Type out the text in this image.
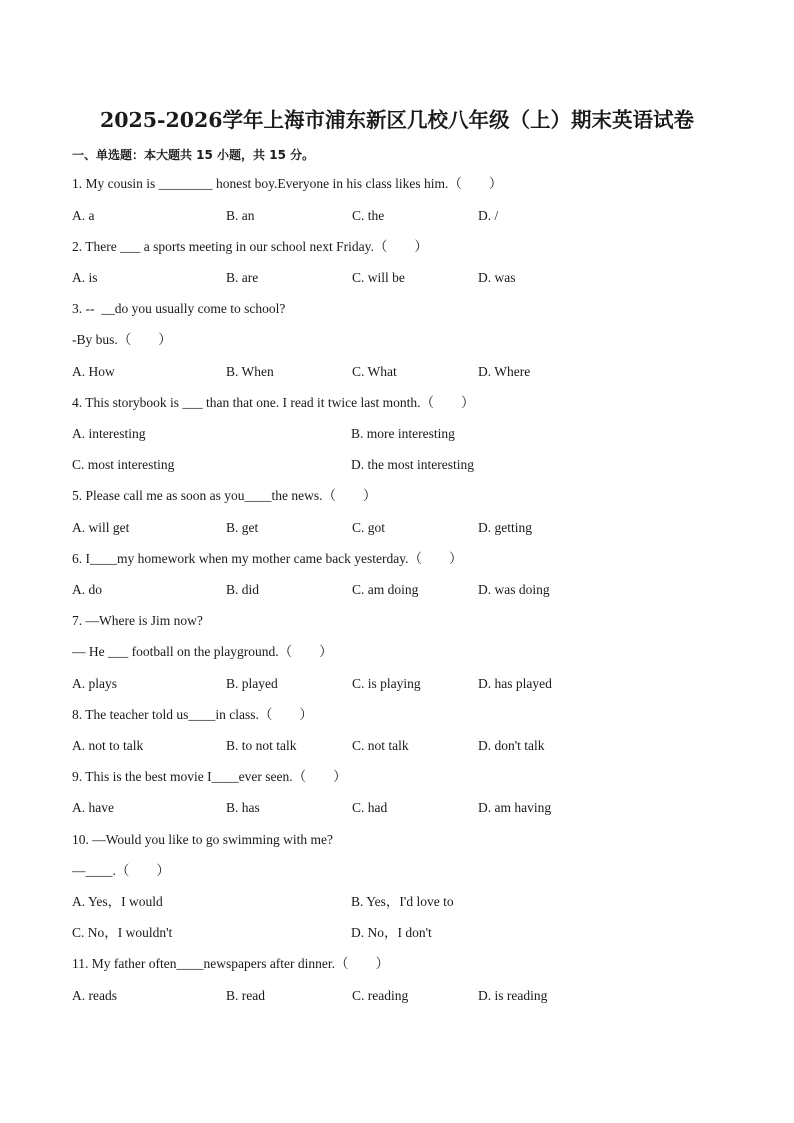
2025-2026学年上海市浦东新区几校八年级（上）期末英语试卷
一、单选题：本大题共 15 小题，共 15 分。
1. My cousin is ________ honest boy.Everyone in his class likes him.（        ）
A. a	B. an	C. the	D. /
2. There ___ a sports meeting in our school next Friday.（        ）
A. is	B. are	C. will be	D. was
3. --  __do you usually come to school?
-By bus.（        ）
A. How	B. When	C. What	D. Where
4. This storybook is ___ than that one. I read it twice last month.（        ）
A. interesting	B. more interesting
C. most interesting	D. the most interesting
5. Please call me as soon as you____the news.（        ）
A. will get	B. get	C. got	D. getting
6. I____my homework when my mother came back yesterday.（        ）
A. do	B. did	C. am doing	D. was doing
7. —Where is Jim now?
— He ___ football on the playground.（        ）
A. plays	B. played	C. is playing	D. has played
8. The teacher told us____in class.（        ）
A. not to talk	B. to not talk	C. not talk	D. don't talk
9. This is the best movie I____ever seen.（        ）
A. have	B. has	C. had	D. am having
10. —Would you like to go swimming with me?
—____.（        ）
A. Yes，I would	B. Yes，I'd love to
C. No，I wouldn't	D. No，I don't
11. My father often____newspapers after dinner.（        ）
A. reads	B. read	C. reading	D. is reading
